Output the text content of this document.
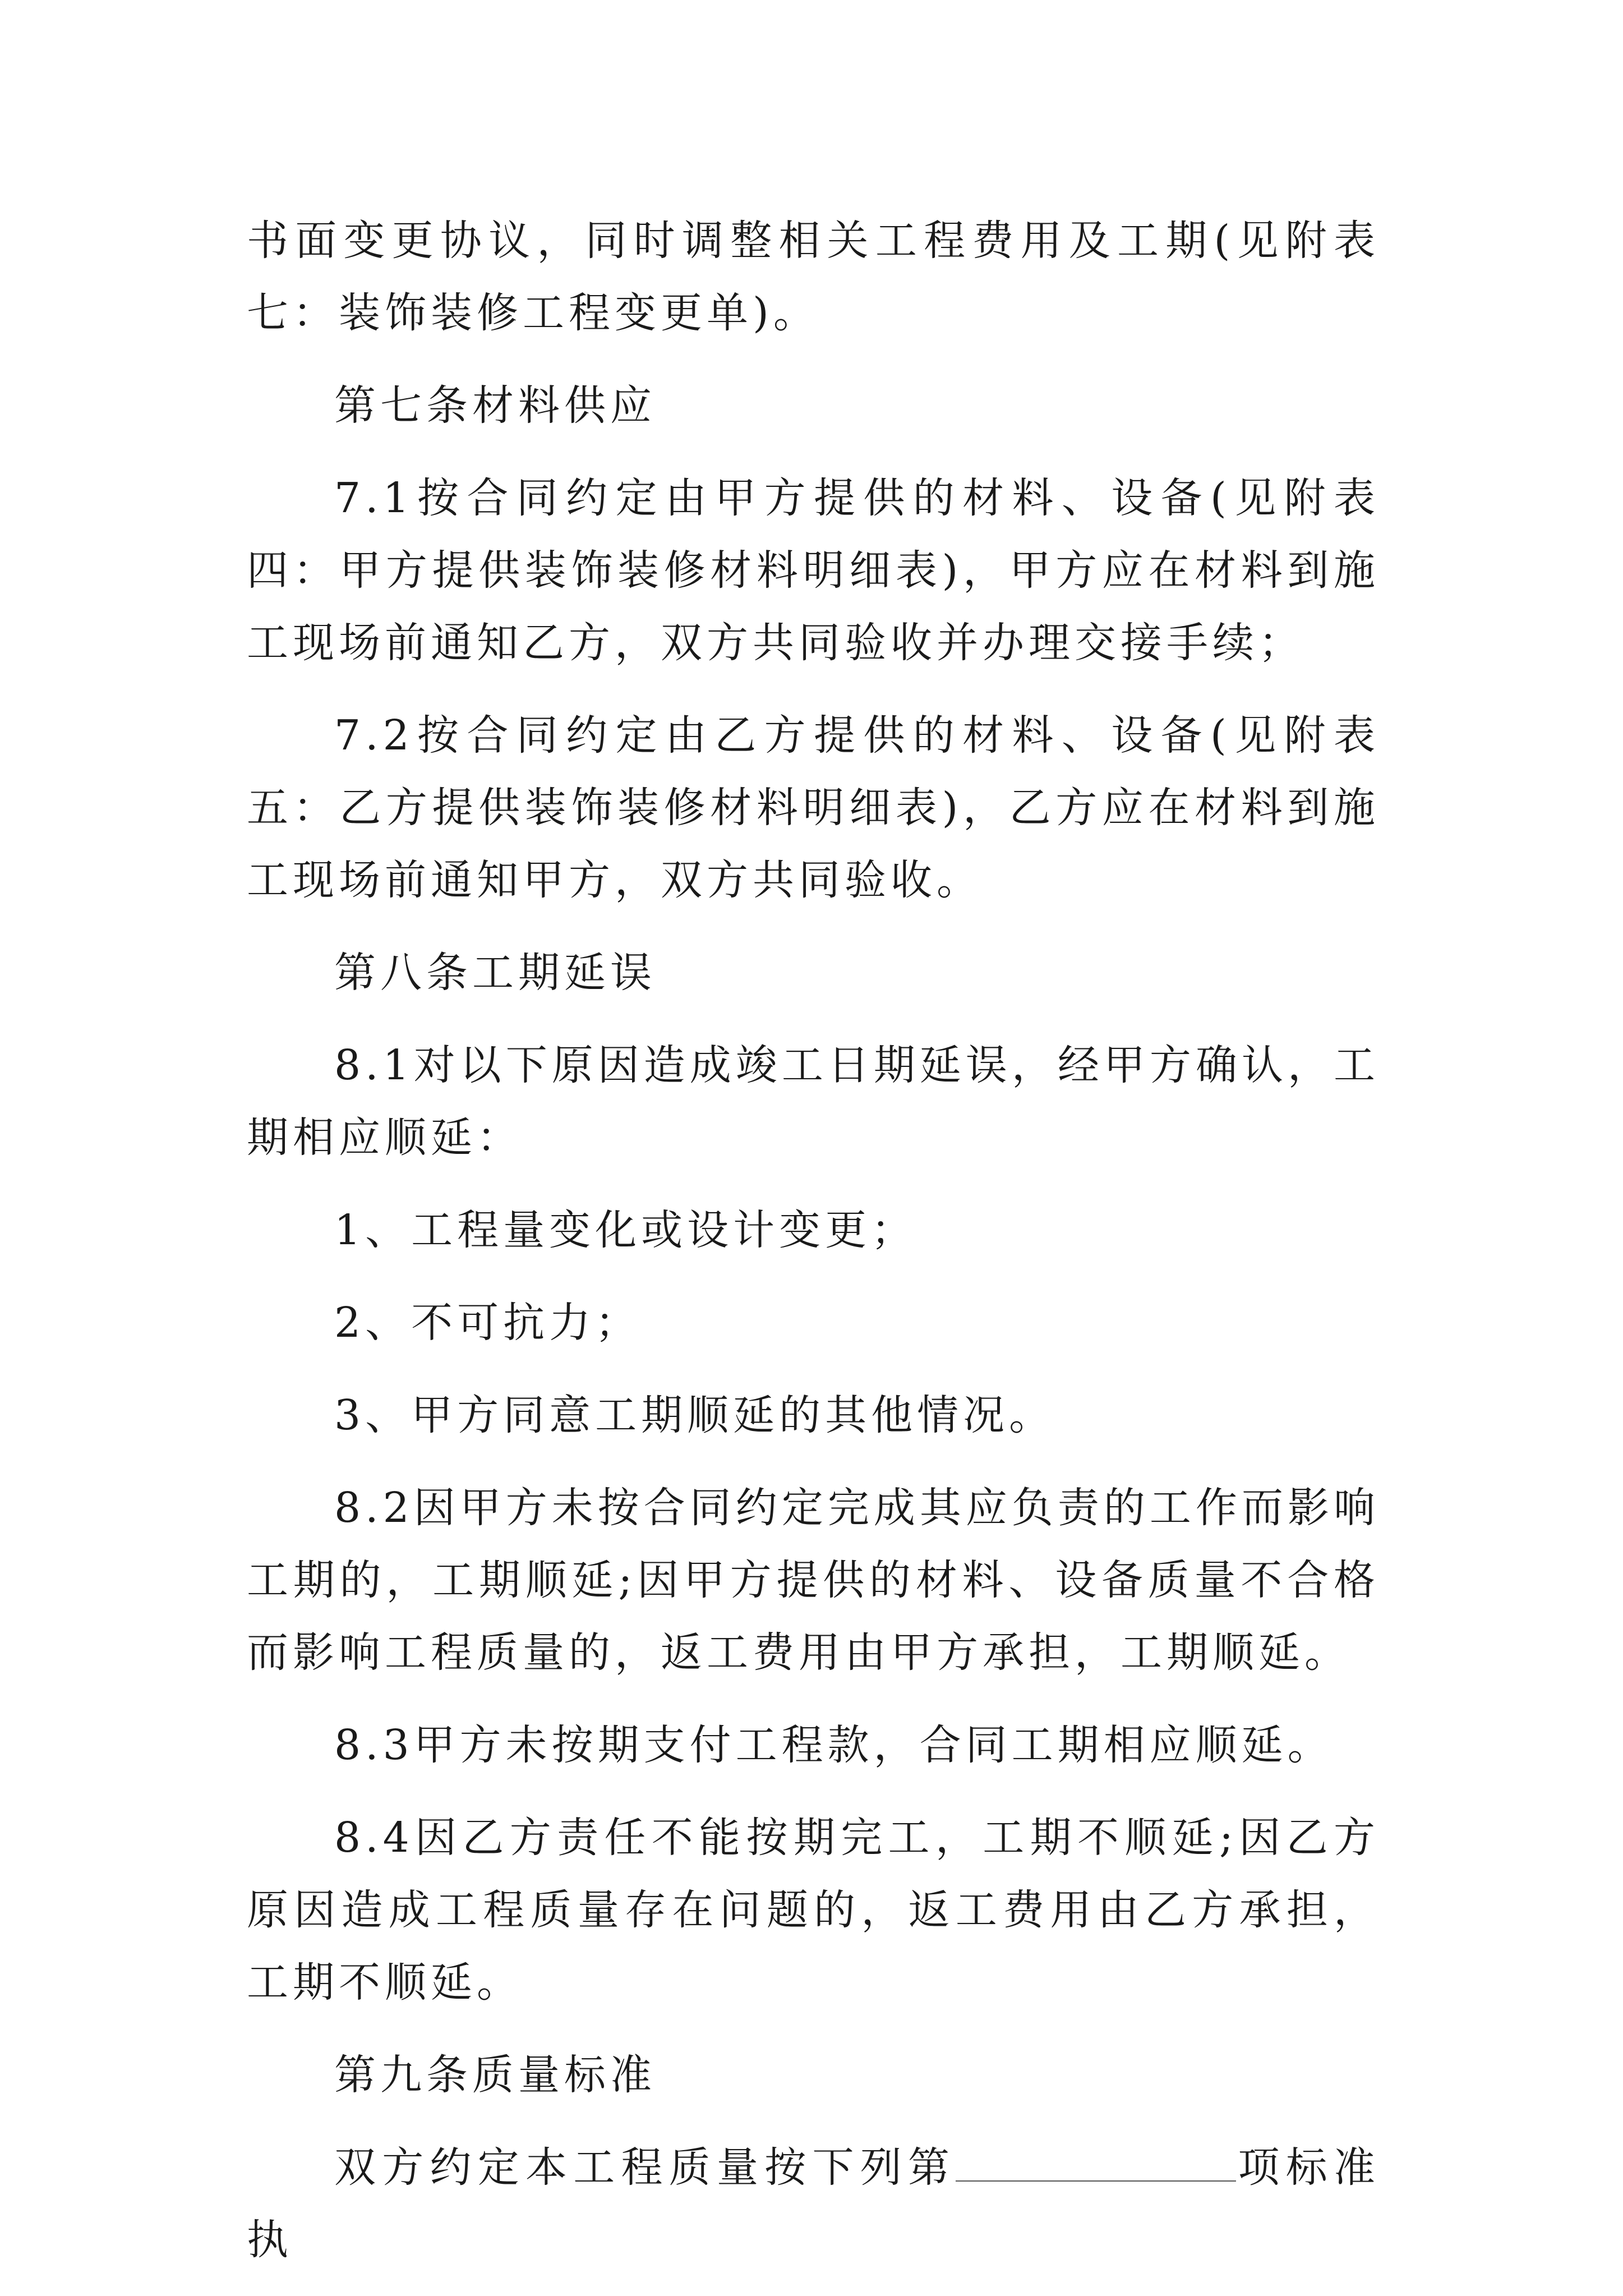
书面变更协议，同时调整相关工程费用及工期(见附表七：装饰装修工程变更单)。

第七条材料供应

7.1按合同约定由甲方提供的材料、设备(见附表四：甲方提供装饰装修材料明细表)，甲方应在材料到施工现场前通知乙方，双方共同验收并办理交接手续；

7.2按合同约定由乙方提供的材料、设备(见附表五：乙方提供装饰装修材料明细表)，乙方应在材料到施工现场前通知甲方，双方共同验收。

第八条工期延误

8.1对以下原因造成竣工日期延误，经甲方确认，工期相应顺延：

1、工程量变化或设计变更；

2、不可抗力；

3、甲方同意工期顺延的其他情况。

8.2因甲方未按合同约定完成其应负责的工作而影响工期的，工期顺延;因甲方提供的材料、设备质量不合格而影响工程质量的，返工费用由甲方承担，工期顺延。

8.3甲方未按期支付工程款，合同工期相应顺延。

8.4因乙方责任不能按期完工，工期不顺延;因乙方原因造成工程质量存在问题的，返工费用由乙方承担，工期不顺延。

第九条质量标准

双方约定本工程质量按下列第	项标准执
